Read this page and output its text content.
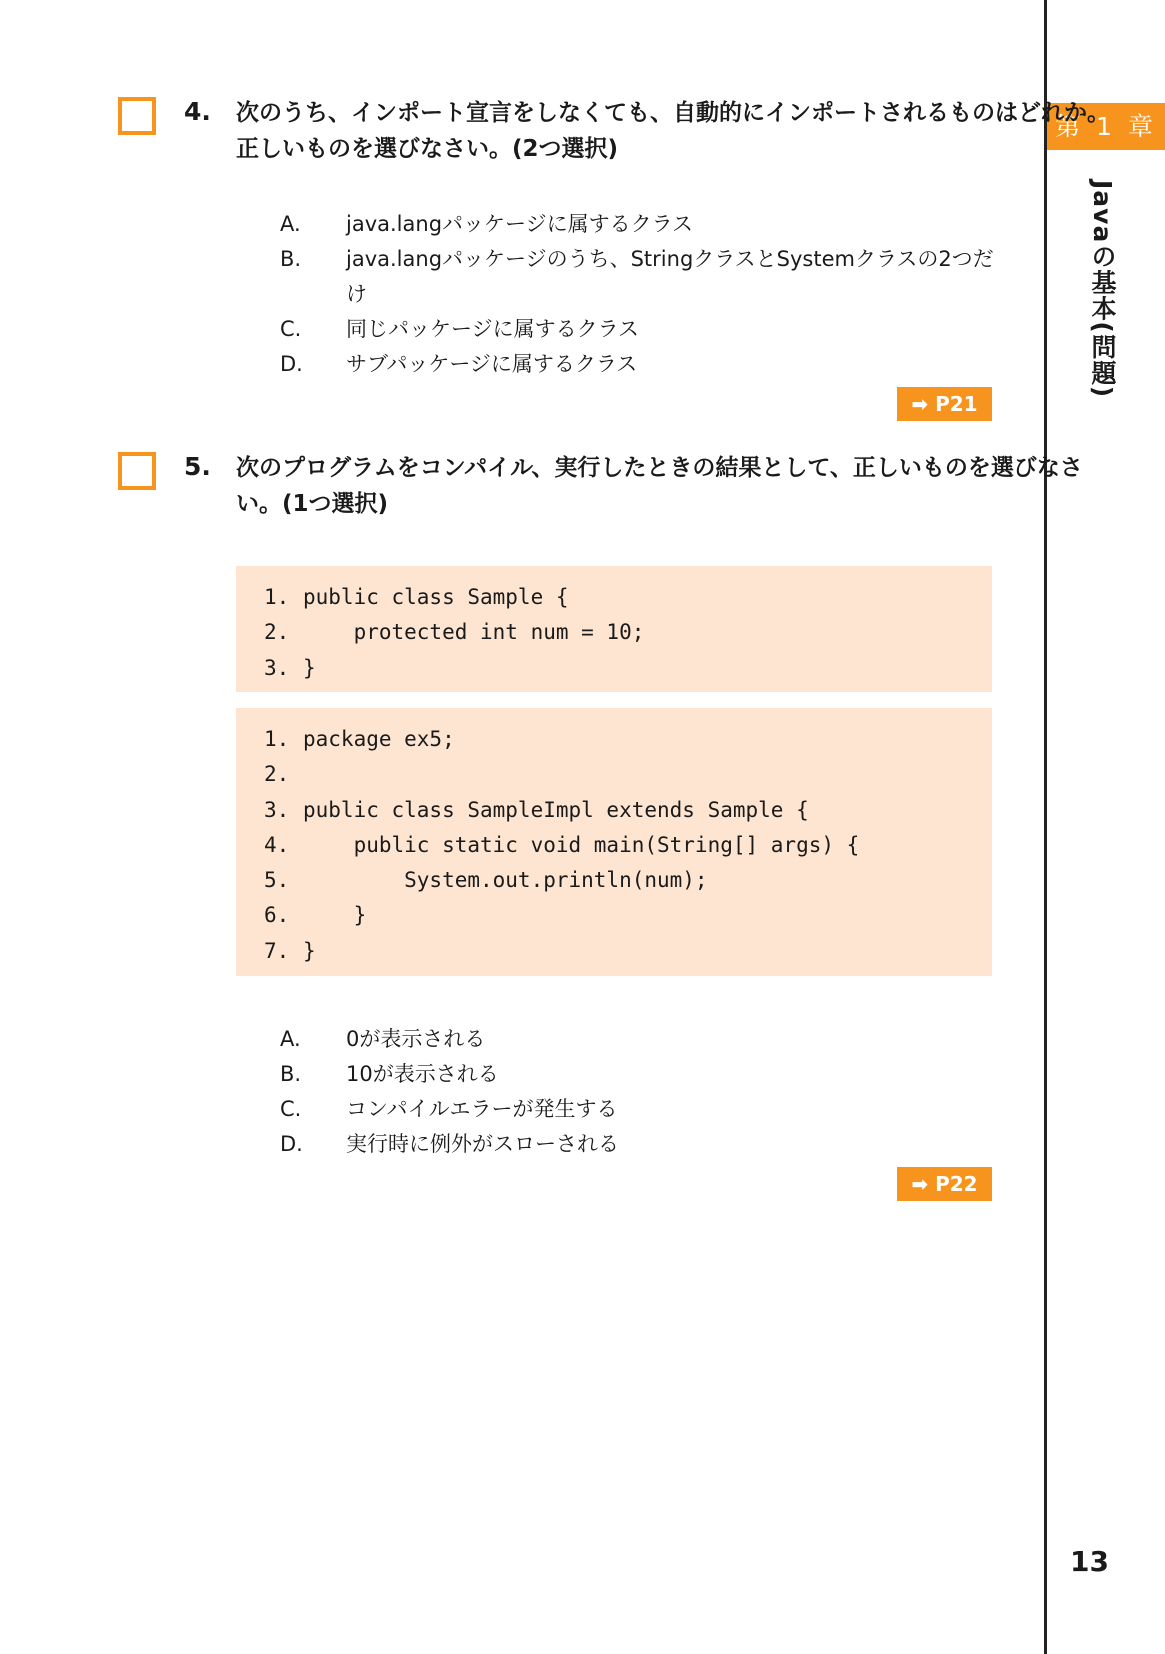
第 1 章
Javaの基本(問題)
13
4. 次のうち、インポート宣言をしなくても、自動的にインポートされるものはどれか。正しいものを選びなさい。(2つ選択)
A. java.langパッケージに属するクラス
B. java.langパッケージのうち、StringクラスとSystemクラスの2つだけ
C. 同じパッケージに属するクラス
D. サブパッケージに属するクラス
➡ P21
5. 次のプログラムをコンパイル、実行したときの結果として、正しいものを選びなさい。(1つ選択)
1. public class Sample {
2. protected int num = 10;
3. }
1. package ex5;
2.
3. public class SampleImpl extends Sample {
4. public static void main(String[] args) {
5. System.out.println(num);
6. }
7. }
A. 0が表示される
B. 10が表示される
C. コンパイルエラーが発生する
D. 実行時に例外がスローされる
➡ P22
